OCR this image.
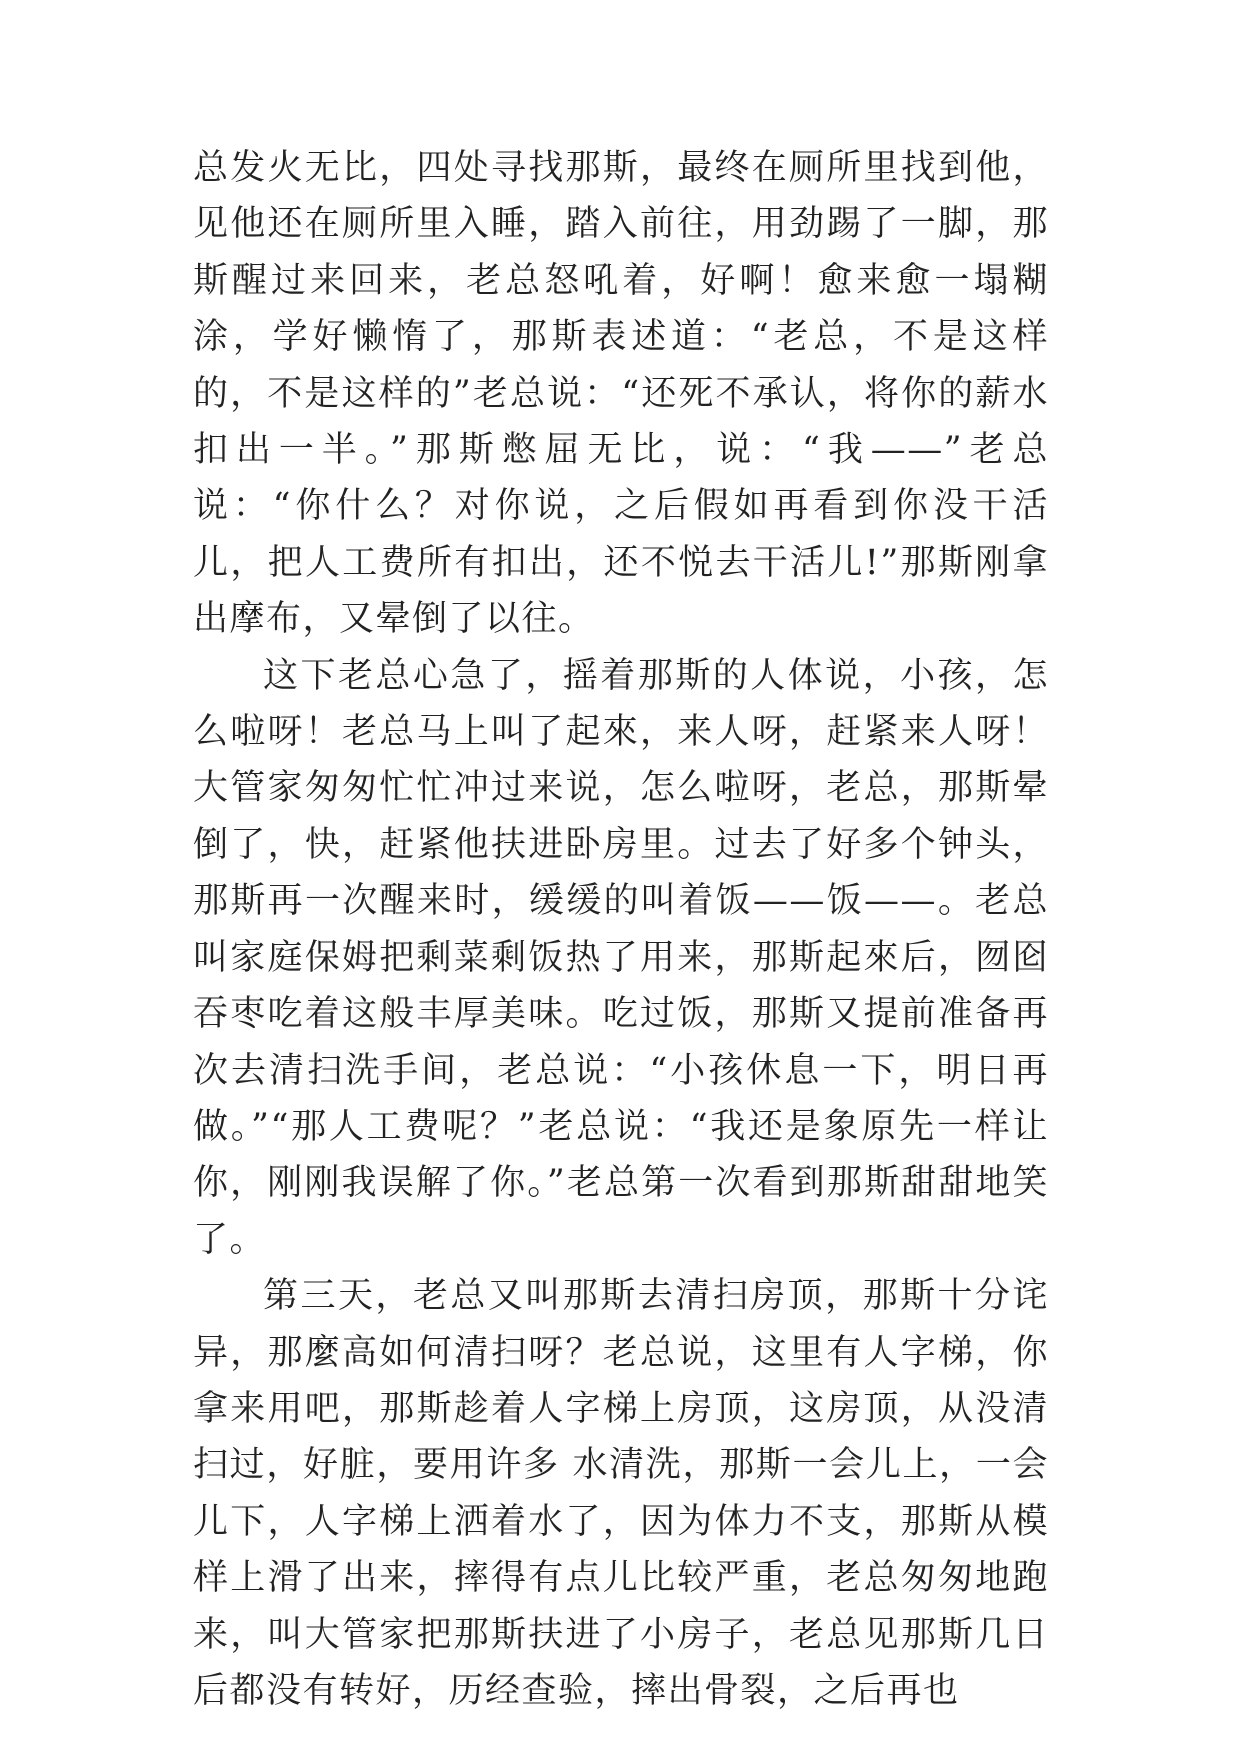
总发火无比，四处寻找那斯，最终在厕所里找到他，见他还在厕所里入睡，踏入前往，用劲踢了一脚，那斯醒过来回来，老总怒吼着，好啊！愈来愈一塌糊涂，学好懒惰了，那斯表述道：“老总，不是这样的，不是这样的”老总说：“还死不承认，将你的薪水扣出一半。”那斯憋屈无比，说：“我——”老总说：“你什么？对你说，之后假如再看到你没干活儿，把人工费所有扣出，还不悦去干活儿!”那斯刚拿出摩布，又晕倒了以往。

这下老总心急了，摇着那斯的人体说，小孩，怎么啦呀！老总马上叫了起來，来人呀，赶紧来人呀！大管家匆匆忙忙冲过来说，怎么啦呀，老总，那斯晕倒了，快，赶紧他扶进卧房里。过去了好多个钟头，那斯再一次醒来时，缓缓的叫着饭——饭——。老总叫家庭保姆把剩菜剩饭热了用来，那斯起來后，囫囵吞枣吃着这般丰厚美味。吃过饭，那斯又提前准备再次去清扫洗手间，老总说：“小孩休息一下，明日再做。”“那人工费呢？”老总说：“我还是象原先一样让你，刚刚我误解了你。”老总第一次看到那斯甜甜地笑了。

第三天，老总又叫那斯去清扫房顶，那斯十分诧异，那麼高如何清扫呀？老总说，这里有人字梯，你拿来用吧，那斯趁着人字梯上房顶，这房顶，从没清扫过，好脏，要用许多 水清洗，那斯一会儿上，一会儿下，人字梯上洒着水了，因为体力不支，那斯从模样上滑了出来，摔得有点儿比较严重，老总匆匆地跑来，叫大管家把那斯扶进了小房子，老总见那斯几日后都没有转好，历经查验，摔出骨裂，之后再也
